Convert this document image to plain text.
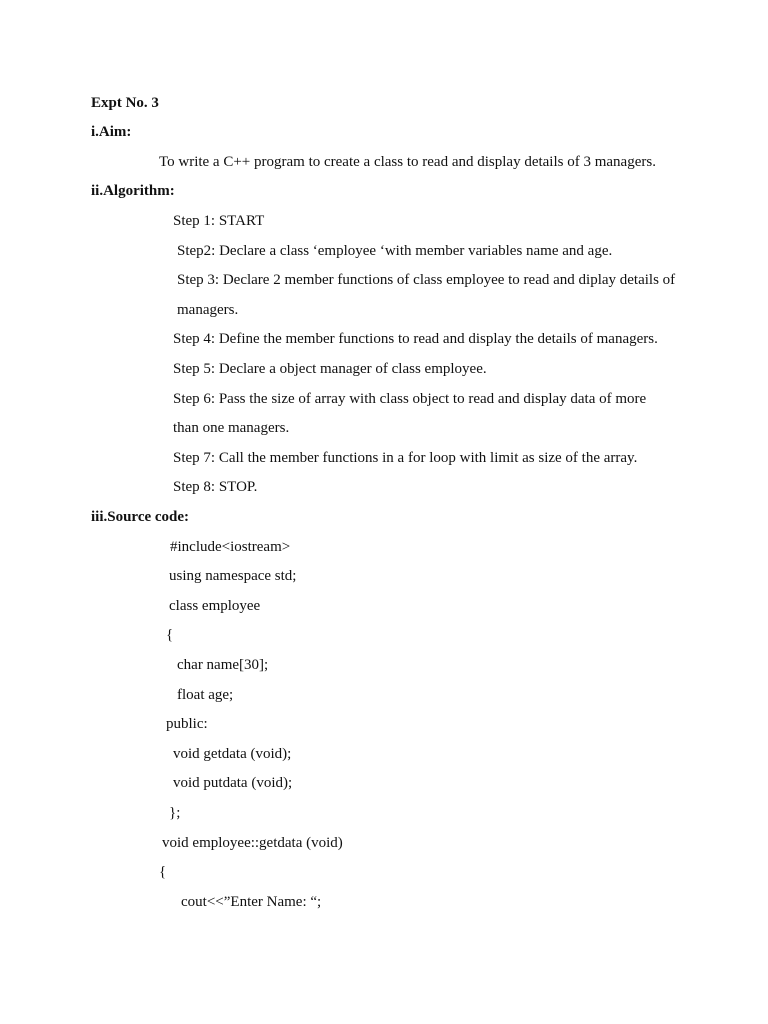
Expt No. 3
i.Aim:
To write a C++ program to create a class to read and display details of 3 managers.
ii.Algorithm:
Step 1: START
Step2: Declare a class ‘employee ‘with member variables name and age.
Step 3: Declare 2 member functions of class employee to read and diplay details of
managers.
Step 4: Define the member functions to read and display the details of managers.
Step 5: Declare a object manager of class employee.
Step 6: Pass the size of array with class object to read and display data of more
than one managers.
Step 7: Call the member functions in a for loop with limit as size of the array.
Step 8: STOP.
iii.Source code:
#include<iostream>
using namespace std;
class employee
{
char name[30];
float age;
public:
void getdata (void);
void putdata (void);
};
void employee::getdata (void)
{
cout<<”Enter Name: “;
